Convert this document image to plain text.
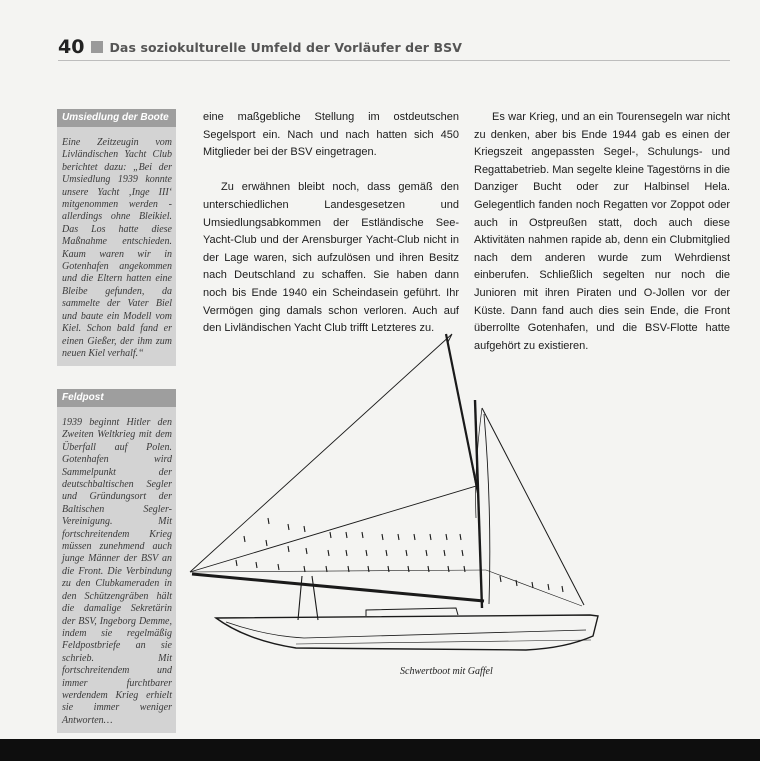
40 Das soziokulturelle Umfeld der Vorläufer der BSV
Umsiedlung der Boote
Eine Zeitzeugin vom Livländischen Yacht Club berichtet dazu: „Bei der Umsiedlung 1939 konnte unsere Yacht ‚Inge III‘ mitgenommen werden - allerdings ohne Bleikiel. Das Los hatte diese Maßnahme entschieden. Kaum waren wir in Gotenhafen angekommen und die Eltern hatten eine Bleibe gefunden, da sammelte der Vater Biel und baute ein Modell vom Kiel. Schon bald fand er einen Gießer, der ihm zum neuen Kiel verhalf.“
Feldpost
1939 beginnt Hitler den Zweiten Weltkrieg mit dem Überfall auf Polen. Gotenhafen wird Sammelpunkt der deutschbaltischen Segler und Gründungsort der Baltischen Segler-Vereinigung. Mit fortschreitendem Krieg müssen zunehmend auch junge Männer der BSV an die Front. Die Verbindung zu den Clubkameraden in den Schützengräben hält die damalige Sekretärin der BSV, Ingeborg Demme, indem sie regelmäßig Feldpostbriefe an sie schrieb. Mit fortschreitendem und immer furchtbarer werdendem Krieg erhielt sie immer weniger Antworten…

eine maßgebliche Stellung im ostdeutschen Segelsport ein. Nach und nach hatten sich 450 Mitglieder bei der BSV eingetragen.

Zu erwähnen bleibt noch, dass gemäß den unterschiedlichen Landesgesetzen und Umsiedlungsabkommen der Estländische See-Yacht-Club und der Arensburger Yacht-Club nicht in der Lage waren, sich aufzulösen und ihren Besitz nach Deutschland zu schaffen. Sie haben dann noch bis Ende 1940 ein Scheindasein geführt. Ihr Vermögen ging damals schon verloren. Auch auf den Livländischen Yacht Club trifft Letzteres zu.

Es war Krieg, und an ein Tourensegeln war nicht zu denken, aber bis Ende 1944 gab es einen der Kriegszeit angepassten Segel-, Schulungs- und Regattabetrieb. Man segelte kleine Tagestörns in die Danziger Bucht oder zur Halbinsel Hela. Gelegentlich fanden noch Regatten vor Zoppot oder auch in Ostpreußen statt, doch auch diese Aktivitäten nahmen rapide ab, denn ein Clubmitglied nach dem anderen wurde zum Wehrdienst einberufen. Schließlich segelten nur noch die Junioren mit ihren Piraten und O-Jollen vor der Küste. Dann fand auch dies sein Ende, die Front überrollte Gotenhafen, und die BSV-Flotte hatte aufgehört zu existieren.

Schwertboot mit Gaffel
